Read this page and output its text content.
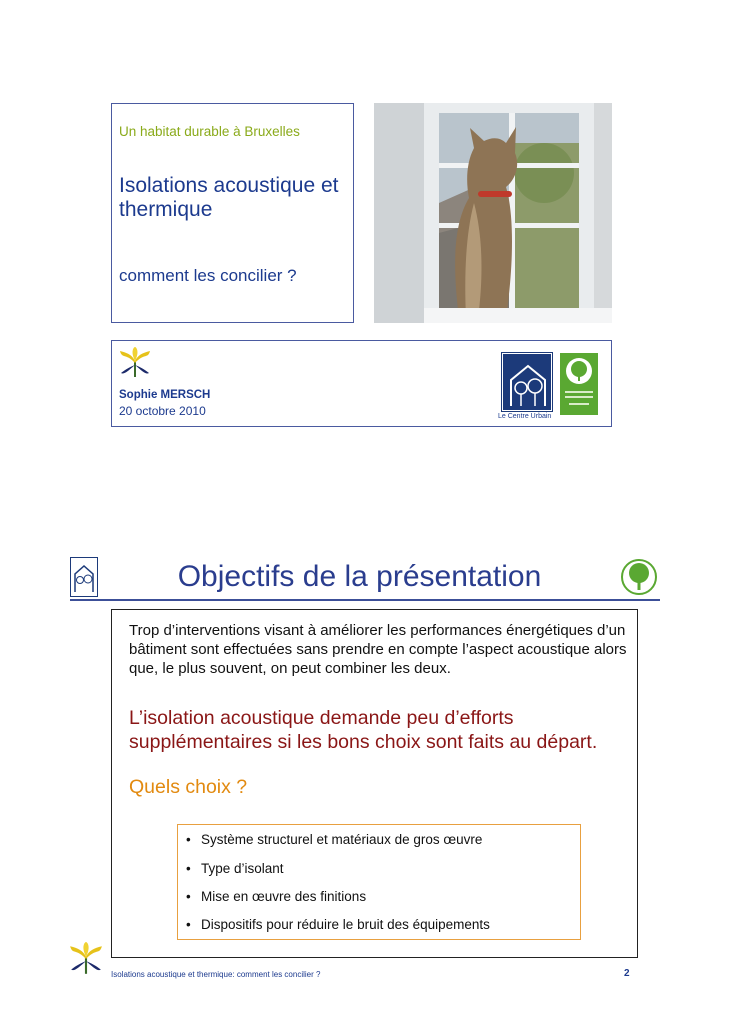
Un habitat durable à Bruxelles
Isolations acoustique et thermique
comment les concilier ?
Sophie MERSCH
20 octobre 2010	Le Centre Urbain
Objectifs de la présentation
Trop d’interventions visant à améliorer les performances énergétiques d’un bâtiment sont effectuées sans prendre en compte l’aspect acoustique alors que, le plus souvent, on peut combiner les deux.
L’isolation acoustique demande peu d’efforts supplémentaires si les bons choix sont faits au départ.
Quels choix ?
• Système structurel et matériaux de gros œuvre
• Type d’isolant
• Mise en œuvre des finitions
• Dispositifs pour réduire le bruit des équipements
Isolations acoustique et thermique: comment les concilier ?	2
